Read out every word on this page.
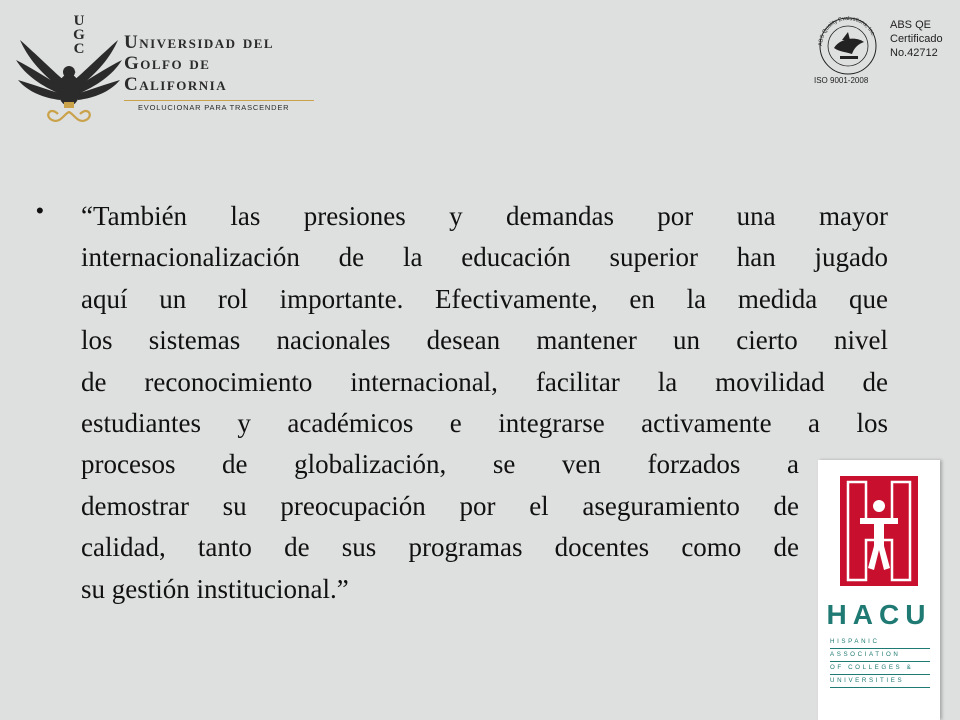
U
G
C Universidad del
Golfo de
California
EVOLUCIONAR PARA TRASCENDER
ABS Quality Evaluations, Inc.
ABS QE
Certificado
No.42712
ISO 9001-2008
• “También las presiones y demandas por una mayor
internacionalización de la educación superior han jugado
aquí un rol importante. Efectivamente, en la medida que
los sistemas nacionales desean mantener un cierto nivel
de reconocimiento internacional, facilitar la movilidad de
estudiantes y académicos e integrarse activamente a los
procesos de globalización, se ven forzados a
demostrar su preocupación por el aseguramiento de
calidad, tanto de sus programas docentes como de
su gestión institucional.”
HACU
HISPANIC
ASSOCIATION
OF COLLEGES &
UNIVERSITIES
